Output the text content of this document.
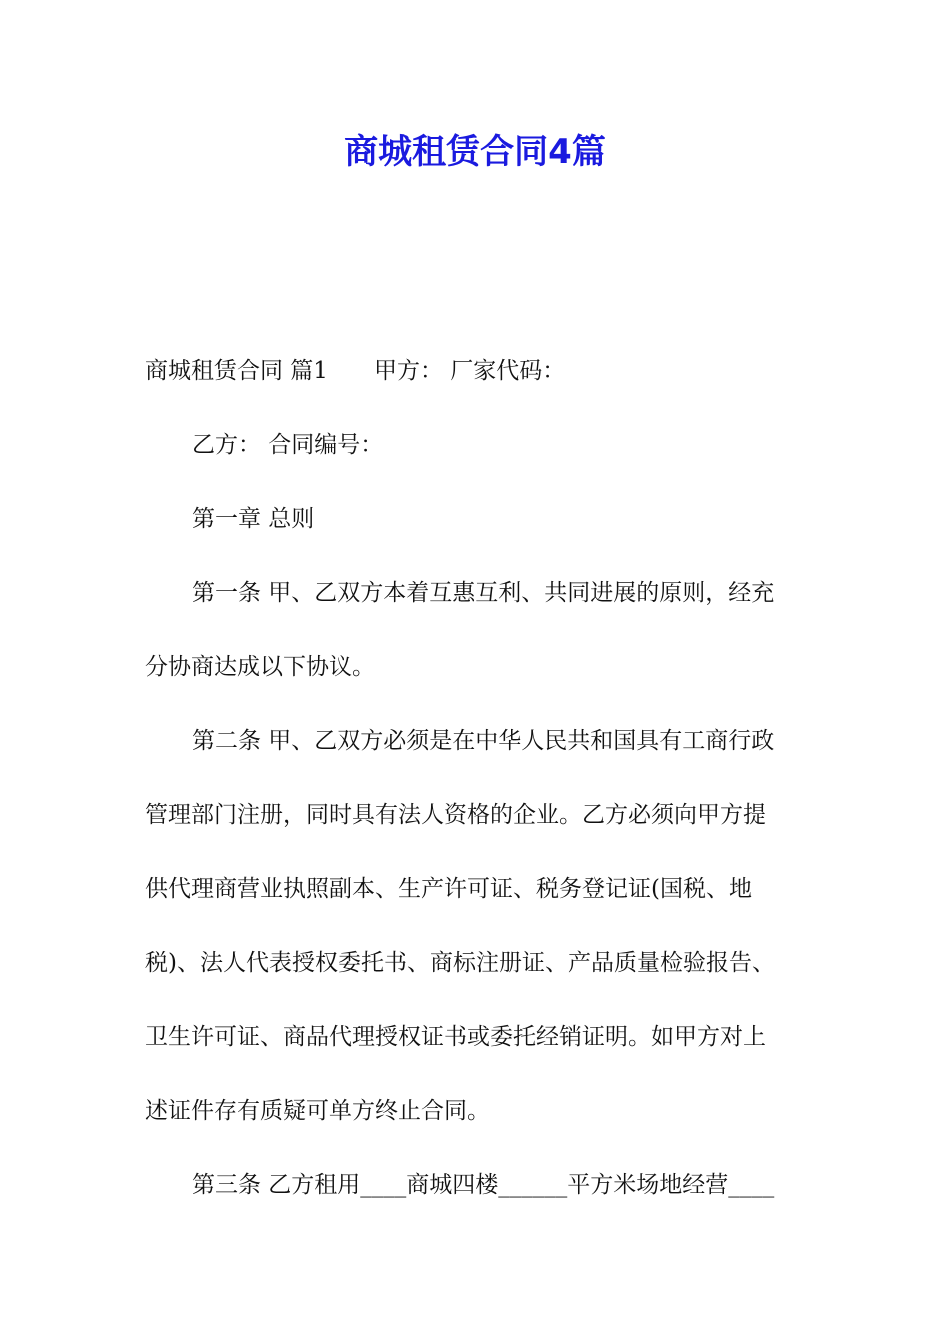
商城租赁合同4篇
商城租赁合同 篇1 甲方： 厂家代码：
乙方： 合同编号：
第一章 总则
第一条 甲、乙双方本着互惠互利、共同进展的原则，经充
分协商达成以下协议。
第二条 甲、乙双方必须是在中华人民共和国具有工商行政
管理部门注册，同时具有法人资格的企业。乙方必须向甲方提
供代理商营业执照副本、生产许可证、税务登记证(国税、地
税)、法人代表授权委托书、商标注册证、产品质量检验报告、
卫生许可证、商品代理授权证书或委托经销证明。如甲方对上
述证件存有质疑可单方终止合同。
第三条 乙方租用____商城四楼______平方米场地经营____
